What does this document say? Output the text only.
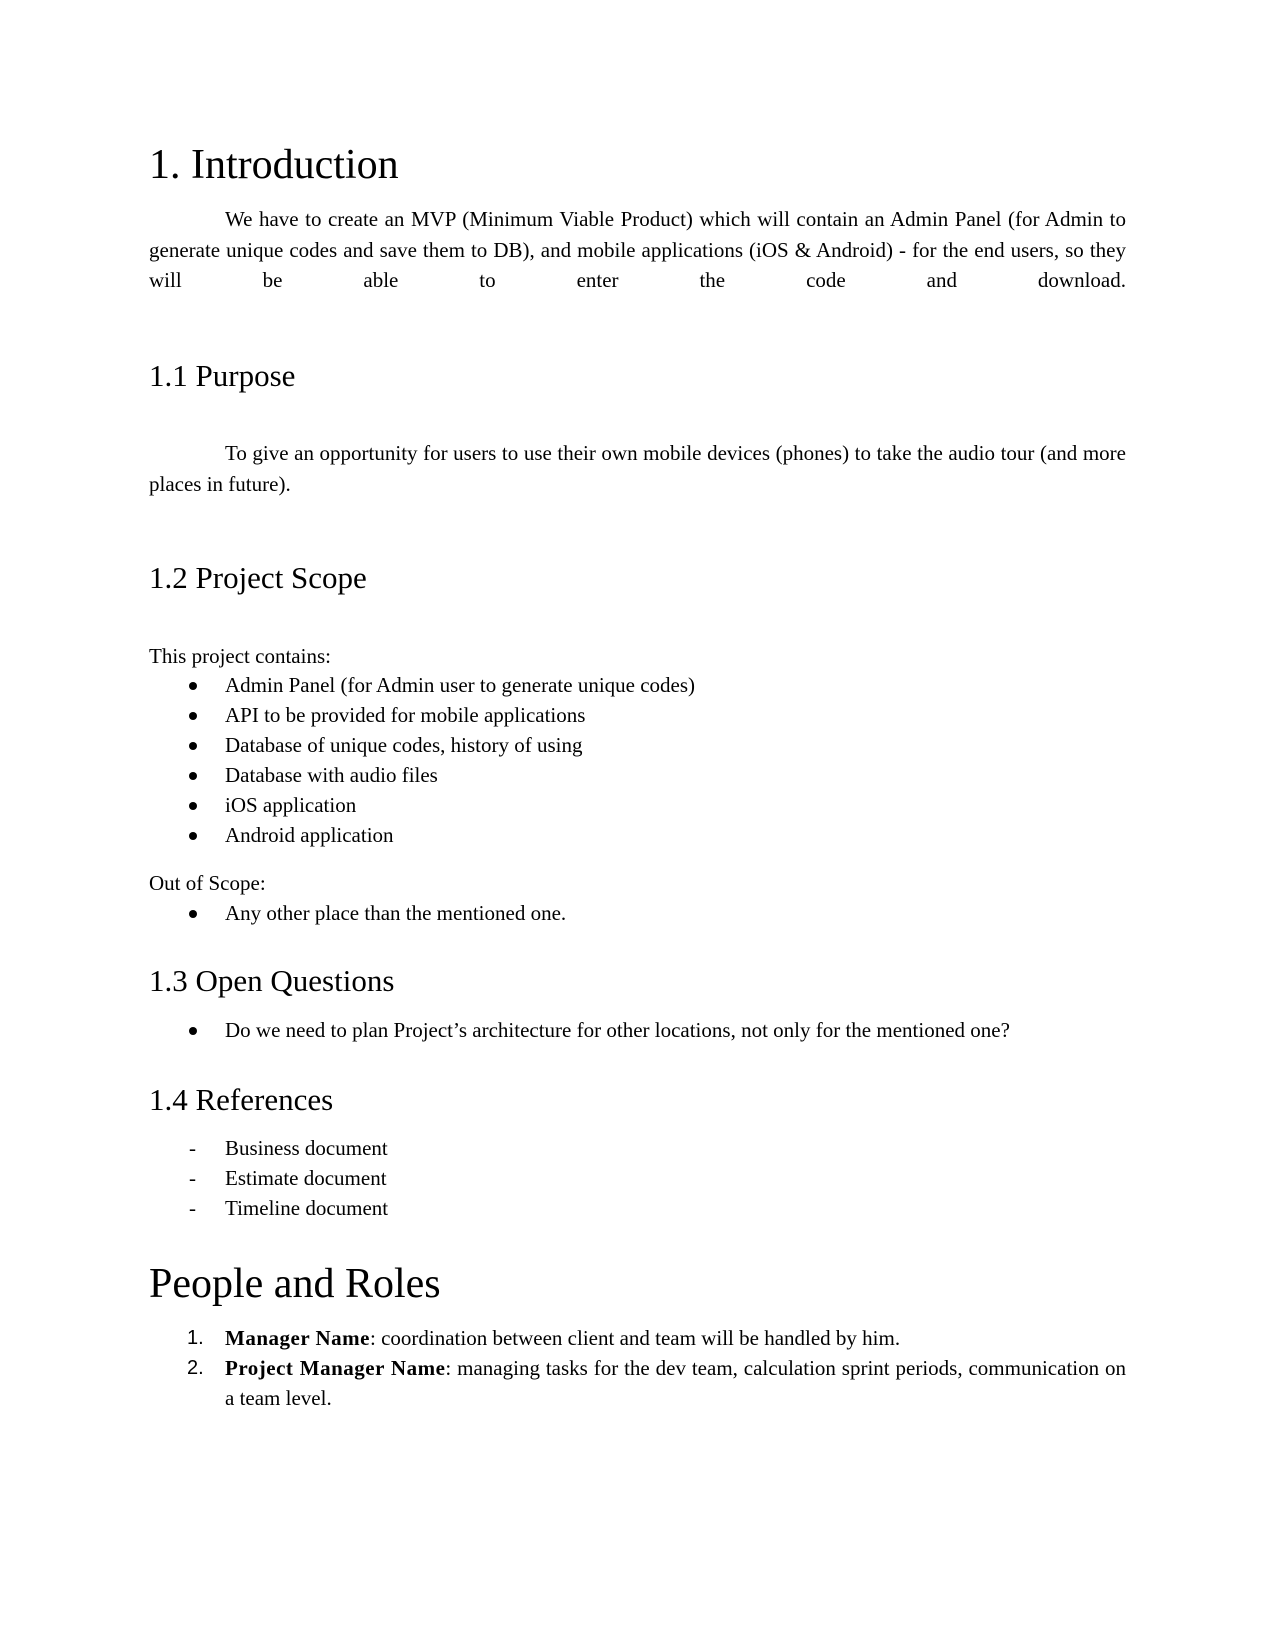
1. Introduction

We have to create an MVP (Minimum Viable Product) which will contain an Admin Panel (for Admin to generate unique codes and save them to DB), and mobile applications (iOS & Android) - for the end users, so they will be able to enter the code and download.

1.1 Purpose

To give an opportunity for users to use their own mobile devices (phones) to take the audio tour (and more places in future).

1.2 Project Scope

This project contains:

Admin Panel (for Admin user to generate unique codes)
API to be provided for mobile applications
Database of unique codes, history of using
Database with audio files
iOS application
Android application

Out of Scope:

Any other place than the mentioned one.
1.3 Open Questions
Do we need to plan Project’s architecture for other locations, not only for the mentioned one?
1.4 References
- Business document
- Estimate document
- Timeline document
People and Roles
1. Manager Name: coordination between client and team will be handled by him.
2. Project Manager Name: managing tasks for the dev team, calculation sprint periods, communication on a team level.
